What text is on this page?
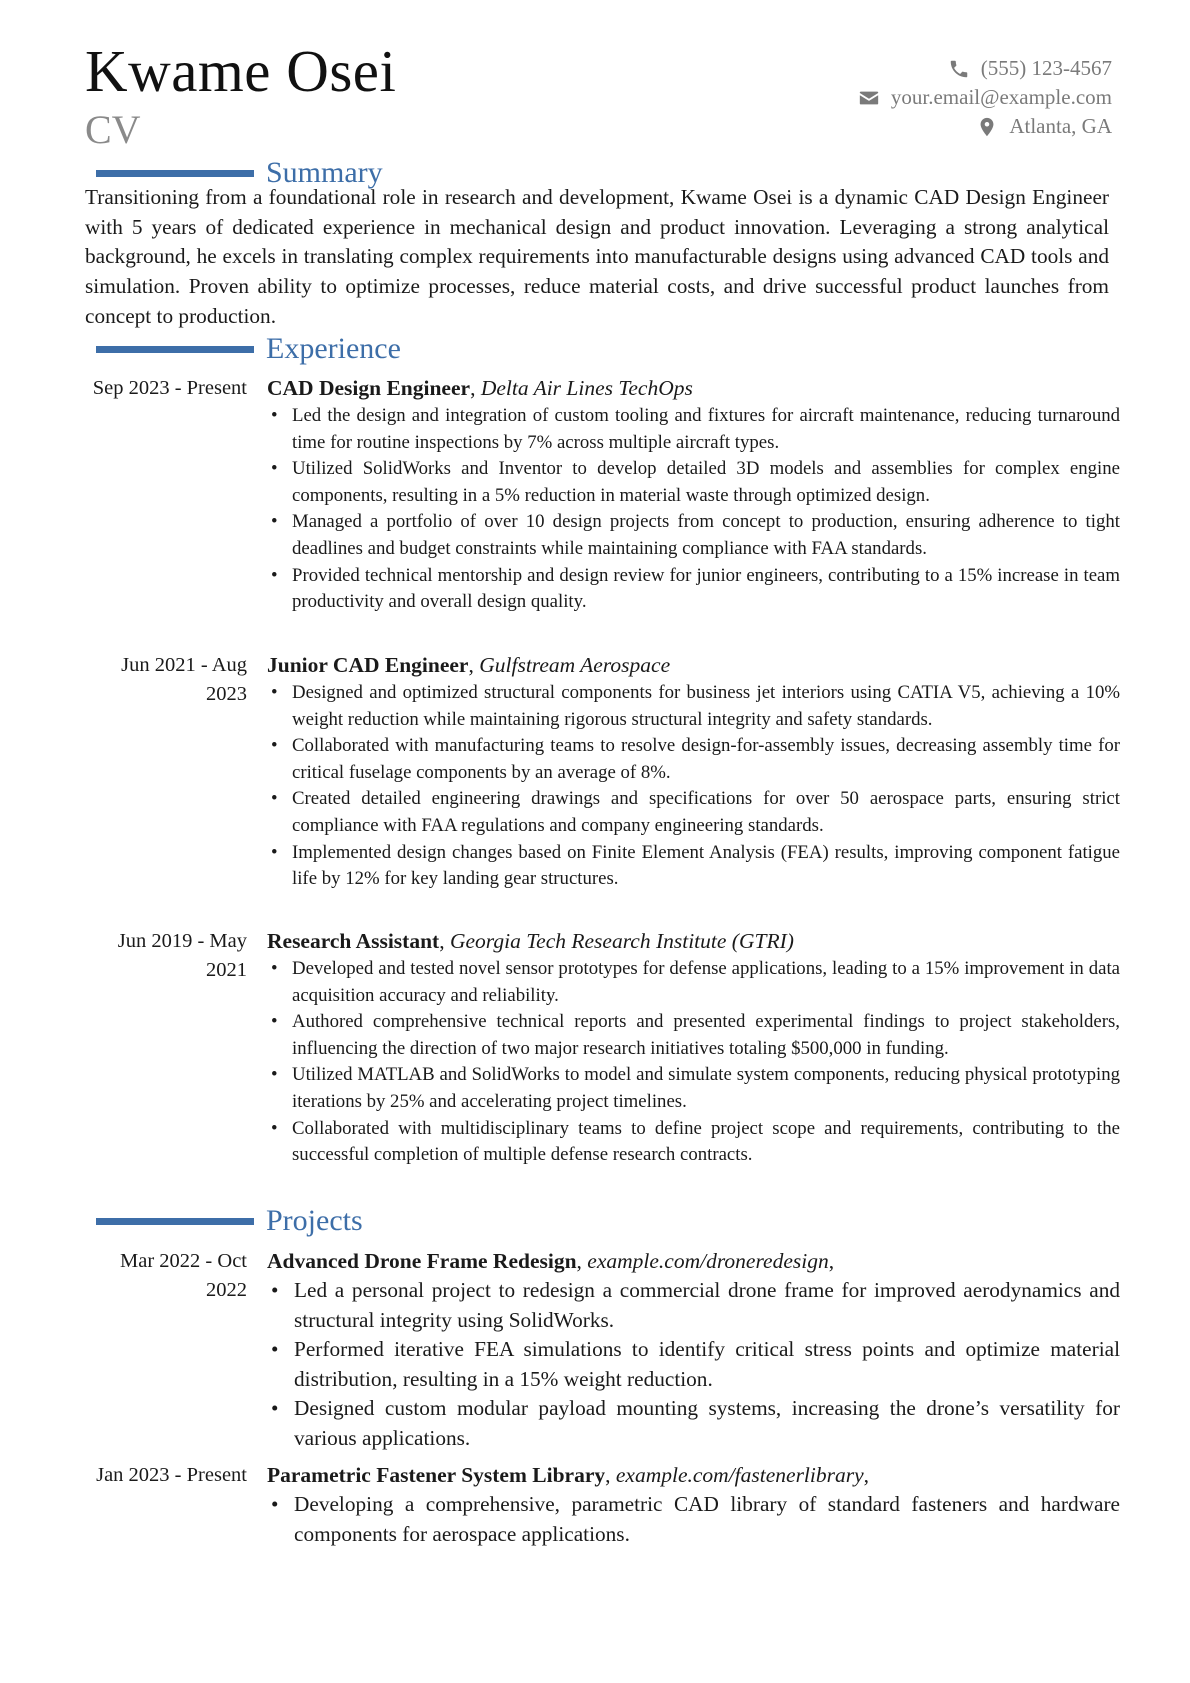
Kwame Osei
CV
(555) 123-4567
your.email@example.com
Atlanta, GA
Summary
Transitioning from a foundational role in research and development, Kwame Osei is a dynamic CAD Design Engineer with 5 years of dedicated experience in mechanical design and product innovation. Leveraging a strong analytical background, he excels in translating complex requirements into manufacturable designs using advanced CAD tools and simulation. Proven ability to optimize processes, reduce material costs, and drive successful product launches from concept to production.
Experience
Sep 2023 - Present CAD Design Engineer, Delta Air Lines TechOps
• Led the design and integration of custom tooling and fixtures for aircraft maintenance, reducing turnaround time for routine inspections by 7% across multiple aircraft types.
• Utilized SolidWorks and Inventor to develop detailed 3D models and assemblies for complex engine components, resulting in a 5% reduction in material waste through optimized design.
• Managed a portfolio of over 10 design projects from concept to production, ensuring adherence to tight deadlines and budget constraints while maintaining compliance with FAA standards.
• Provided technical mentorship and design review for junior engineers, contributing to a 15% increase in team productivity and overall design quality.
Jun 2021 - Aug 2023
Junior CAD Engineer, Gulfstream Aerospace
• Designed and optimized structural components for business jet interiors using CATIA V5, achieving a 10% weight reduction while maintaining rigorous structural integrity and safety standards.
• Collaborated with manufacturing teams to resolve design-for-assembly issues, decreasing assembly time for critical fuselage components by an average of 8%.
• Created detailed engineering drawings and specifications for over 50 aerospace parts, ensuring strict compliance with FAA regulations and company engineering standards.
• Implemented design changes based on Finite Element Analysis (FEA) results, improving component fatigue life by 12% for key landing gear structures.
Jun 2019 - May 2021
Research Assistant, Georgia Tech Research Institute (GTRI)
• Developed and tested novel sensor prototypes for defense applications, leading to a 15% improvement in data acquisition accuracy and reliability.
• Authored comprehensive technical reports and presented experimental findings to project stakeholders, influencing the direction of two major research initiatives totaling $500,000 in funding.
• Utilized MATLAB and SolidWorks to model and simulate system components, reducing physical prototyping iterations by 25% and accelerating project timelines.
• Collaborated with multidisciplinary teams to define project scope and requirements, contributing to the successful completion of multiple defense research contracts.
Projects
Mar 2022 - Oct 2022
Advanced Drone Frame Redesign, example.com/droneredesign,
• Led a personal project to redesign a commercial drone frame for improved aerodynamics and structural integrity using SolidWorks.
• Performed iterative FEA simulations to identify critical stress points and optimize material distribution, resulting in a 15% weight reduction.
• Designed custom modular payload mounting systems, increasing the drone’s versatility for various applications.
Jan 2023 - Present Parametric Fastener System Library, example.com/fastenerlibrary,
• Developing a comprehensive, parametric CAD library of standard fasteners and hardware components for aerospace applications.
